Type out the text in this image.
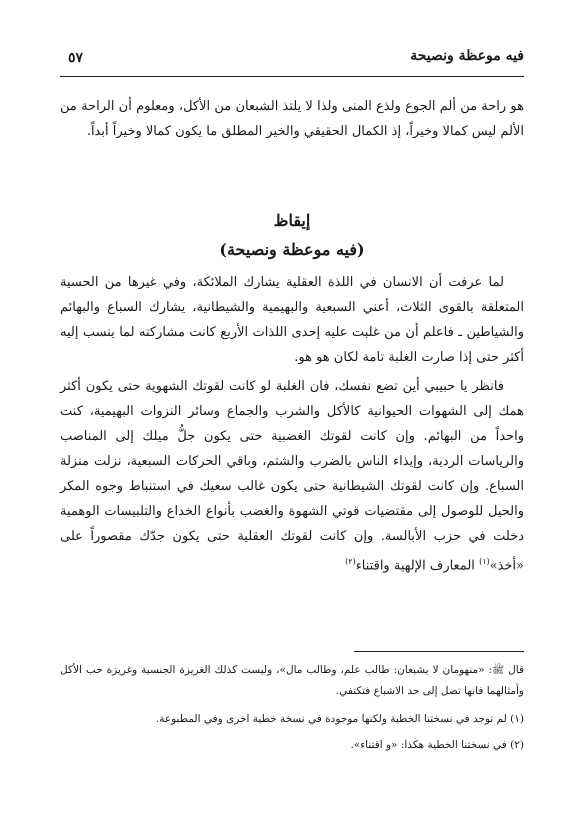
٥٧	فيه موعظة ونصيحة

هو راحة من ألم الجوع ولذع المنى ولذا لا يلتذ الشبعان من الأكل، ومعلوم أن الراحة من الألم ليس كمالا وخيراً، إذ الكمال الحقيقي والخير المطلق ما يكون كمالا وخيراً أبداً.

إيقاظ
(فيه موعظة ونصيحة)

لما عرفت أن الانسان في اللذة العقلية يشارك الملائكة، وفي غيرها من الحسية المتعلقة بالقوى الثلاث، أعني السبعية والبهيمية والشيطانية، يشارك السباع والبهائم والشياطين ـ فاعلم أن من غلبت عليه إحدى اللذات الأربع كانت مشاركته لما ينسب إليه أكثر حتى إذا صارت الغلبة تامة لكان هو هو.

فانظر يا حبيبي أين تضع نفسك، فان الغلبة لو كانت لقوتك الشهوية حتى يكون أكثر همك إلى الشهوات الحيوانية كالأكل والشرب والجماع وسائر النزوات البهيمية، كنت واحداً من البهائم. وإن كانت لقوتك الغضبية حتى يكون جلُّ ميلك إلى المناصب والرياسات الردية، وإيذاء الناس بالضرب والشتم، وباقي الحركات السبعية، نزلت منزلة السباع. وإن كانت لقوتك الشيطانية حتى يكون غالب سعيك في استنباط وجوه المكر والحيل للوصول إلى مقتضيات قوتي الشهوة والغضب بأنواع الخداع والتلبيسات الوهمية دخلت في حزب الأبالسة. وإن كانت لقوتك العقلية حتى يكون جدّك مقصوراً على «أخذ»$^{(١)}$ المعارف الإلهية واقتناء$^{(٢)}$

قال ﷺ: «منهومان لا يشبعان: طالب علم، وطالب مال»، وليست كذلك الغريزة الجنسية وغريزة حب الأكل وأمثالهما فانها تصل إلى حد الاشباع فتكتفي.

(١) لم توجد في نسختنا الخطية ولكنها موجودة في نسخة خطية اخرى وفي المطبوعة.

(٢) في نسختنا الخطية هكذا: «و اقتناء».
